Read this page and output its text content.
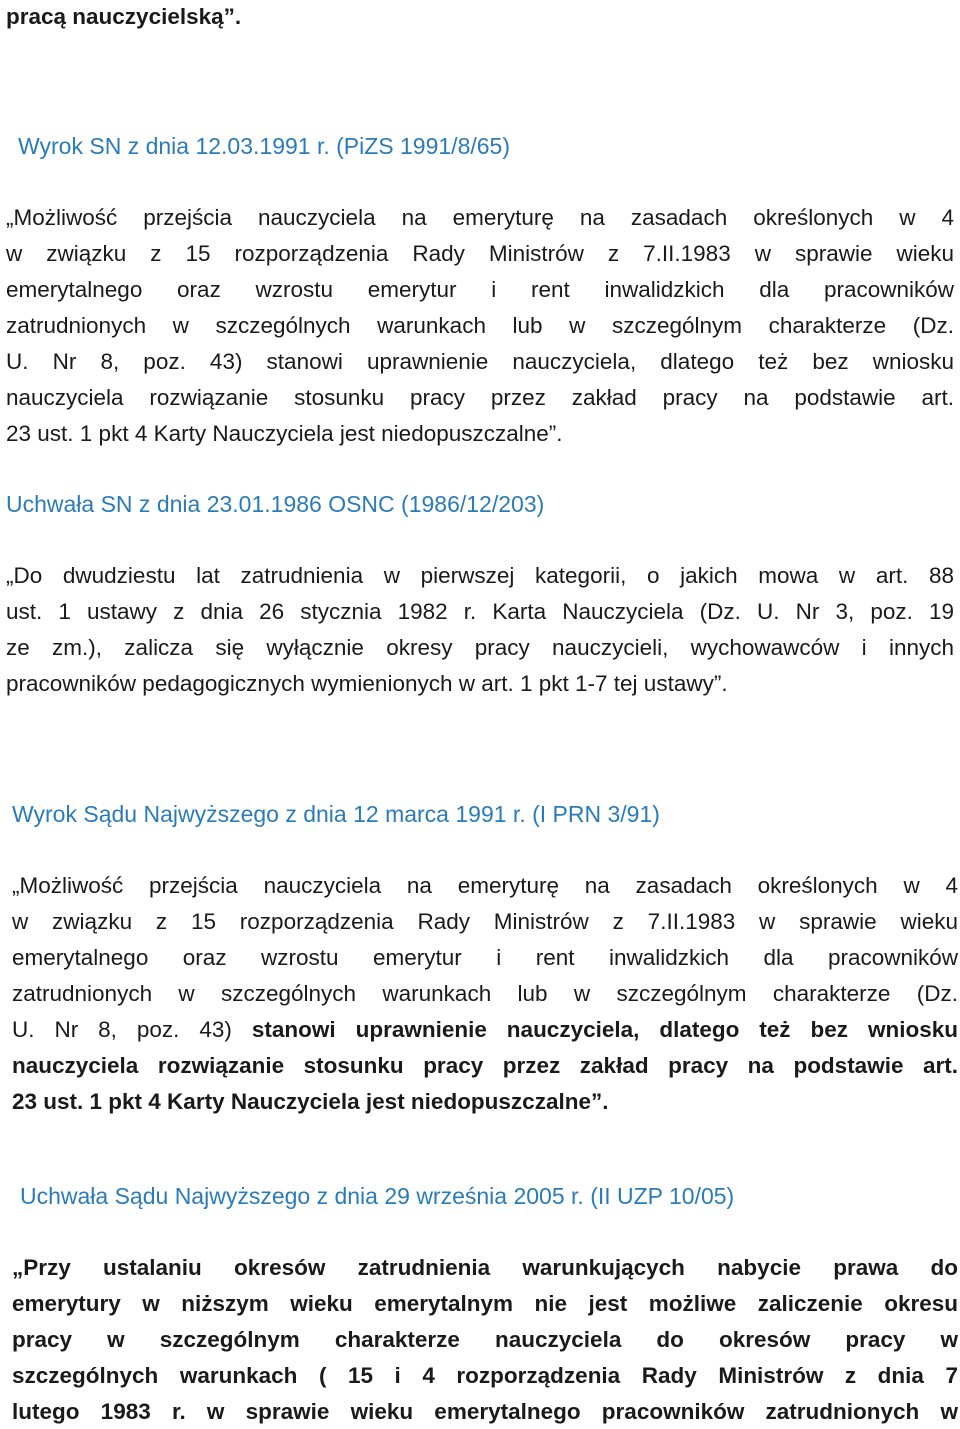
pracą nauczycielską”.
Wyrok SN z dnia 12.03.1991 r. (PiZS 1991/8/65)
„Możliwość przejścia nauczyciela na emeryturę na zasadach określonych w 4
w związku z 15 rozporządzenia Rady Ministrów z 7.II.1983 w sprawie wieku
emerytalnego oraz wzrostu emerytur i rent inwalidzkich dla pracowników
zatrudnionych w szczególnych warunkach lub w szczególnym charakterze (Dz.
U. Nr 8, poz. 43) stanowi uprawnienie nauczyciela, dlatego też bez wniosku
nauczyciela rozwiązanie stosunku pracy przez zakład pracy na podstawie art.
23 ust. 1 pkt 4 Karty Nauczyciela jest niedopuszczalne”.
Uchwała SN z dnia 23.01.1986 OSNC (1986/12/203)
„Do dwudziestu lat zatrudnienia w pierwszej kategorii, o jakich mowa w art. 88
ust. 1 ustawy z dnia 26 stycznia 1982 r. Karta Nauczyciela (Dz. U. Nr 3, poz. 19
ze zm.), zalicza się wyłącznie okresy pracy nauczycieli, wychowawców i innych
pracowników pedagogicznych wymienionych w art. 1 pkt 1-7 tej ustawy”.
Wyrok Sądu Najwyższego z dnia 12 marca 1991 r. (I PRN 3/91)
„Możliwość przejścia nauczyciela na emeryturę na zasadach określonych w 4
w związku z 15 rozporządzenia Rady Ministrów z 7.II.1983 w sprawie wieku
emerytalnego oraz wzrostu emerytur i rent inwalidzkich dla pracowników
zatrudnionych w szczególnych warunkach lub w szczególnym charakterze (Dz.
U. Nr 8, poz. 43) stanowi uprawnienie nauczyciela, dlatego też bez wniosku
nauczyciela rozwiązanie stosunku pracy przez zakład pracy na podstawie art.
23 ust. 1 pkt 4 Karty Nauczyciela jest niedopuszczalne”.
Uchwała Sądu Najwyższego z dnia 29 września 2005 r. (II UZP 10/05)
„Przy ustalaniu okresów zatrudnienia warunkujących nabycie prawa do
emerytury w niższym wieku emerytalnym nie jest możliwe zaliczenie okresu
pracy w szczególnym charakterze nauczyciela do okresów pracy w
szczególnych warunkach ( 15 i 4 rozporządzenia Rady Ministrów z dnia 7
lutego 1983 r. w sprawie wieku emerytalnego pracowników zatrudnionych w
